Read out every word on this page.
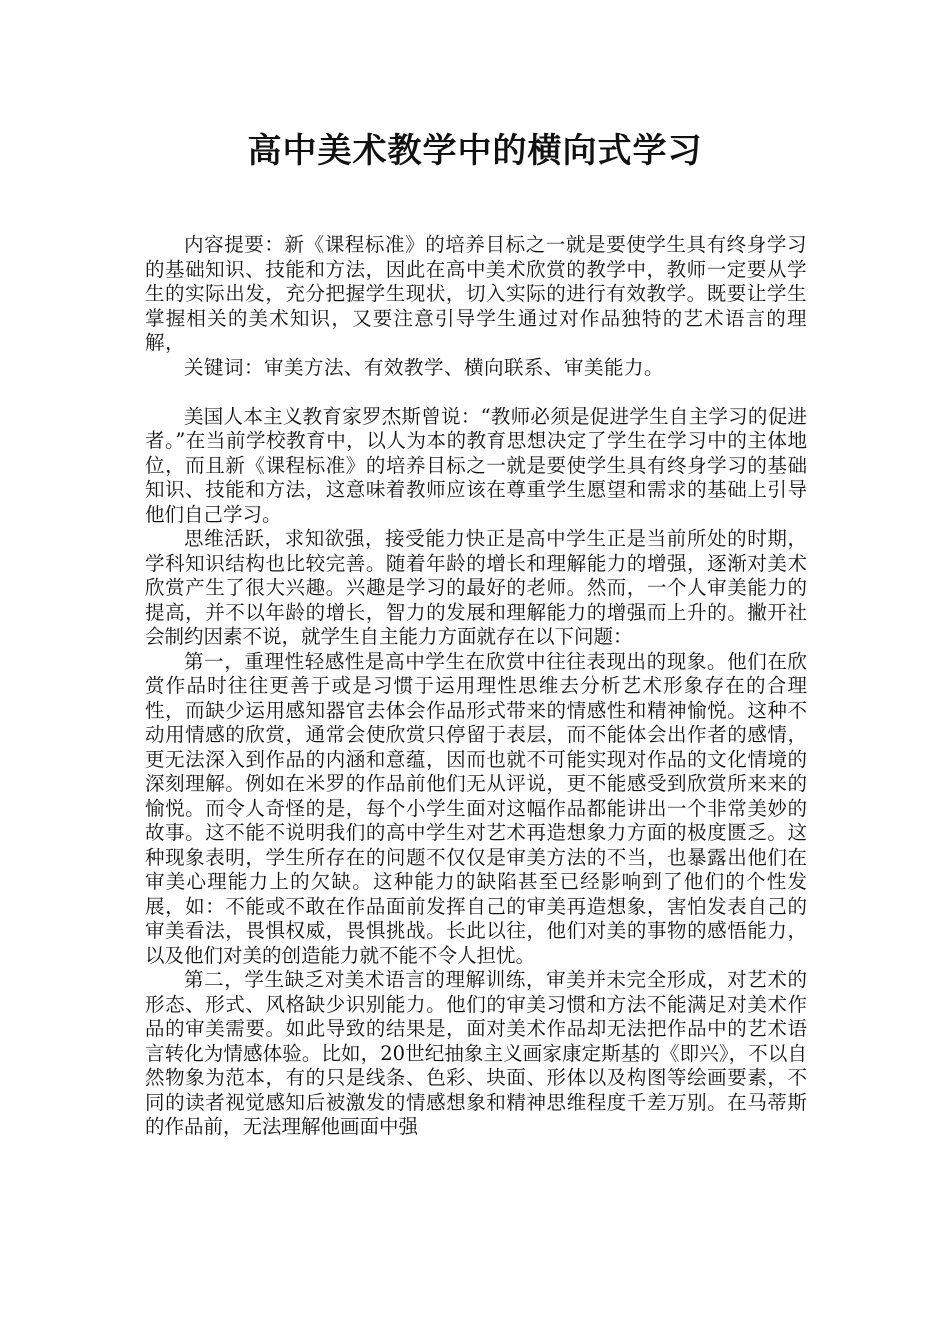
高中美术教学中的横向式学习

内容提要：新《课程标准》的培养目标之一就是要使学生具有终身学习的基础知识、技能和方法，因此在高中美术欣赏的教学中，教师一定要从学生的实际出发，充分把握学生现状，切入实际的进行有效教学。既要让学生掌握相关的美术知识，又要注意引导学生通过对作品独特的艺术语言的理解，

关键词：审美方法、有效教学、横向联系、审美能力。

美国人本主义教育家罗杰斯曾说：“教师必须是促进学生自主学习的促进者。”在当前学校教育中，以人为本的教育思想决定了学生在学习中的主体地位，而且新《课程标准》的培养目标之一就是要使学生具有终身学习的基础知识、技能和方法，这意味着教师应该在尊重学生愿望和需求的基础上引导他们自己学习。

思维活跃，求知欲强，接受能力快正是高中学生正是当前所处的时期，学科知识结构也比较完善。随着年龄的增长和理解能力的增强，逐渐对美术欣赏产生了很大兴趣。兴趣是学习的最好的老师。然而，一个人审美能力的提高，并不以年龄的增长，智力的发展和理解能力的增强而上升的。撇开社会制约因素不说，就学生自主能力方面就存在以下问题：

第一，重理性轻感性是高中学生在欣赏中往往表现出的现象。他们在欣赏作品时往往更善于或是习惯于运用理性思维去分析艺术形象存在的合理性，而缺少运用感知器官去体会作品形式带来的情感性和精神愉悦。这种不动用情感的欣赏，通常会使欣赏只停留于表层，而不能体会出作者的感情，更无法深入到作品的内涵和意蕴，因而也就不可能实现对作品的文化情境的深刻理解。例如在米罗的作品前他们无从评说，更不能感受到欣赏所来来的愉悦。而令人奇怪的是，每个小学生面对这幅作品都能讲出一个非常美妙的故事。这不能不说明我们的高中学生对艺术再造想象力方面的极度匮乏。这种现象表明，学生所存在的问题不仅仅是审美方法的不当，也暴露出他们在审美心理能力上的欠缺。这种能力的缺陷甚至已经影响到了他们的个性发展，如：不能或不敢在作品面前发挥自己的审美再造想象，害怕发表自己的审美看法，畏惧权威，畏惧挑战。长此以往，他们对美的事物的感悟能力，以及他们对美的创造能力就不能不令人担忧。

第二，学生缺乏对美术语言的理解训练，审美并未完全形成，对艺术的形态、形式、风格缺少识别能力。他们的审美习惯和方法不能满足对美术作品的审美需要。如此导致的结果是，面对美术作品却无法把作品中的艺术语言转化为情感体验。比如，20世纪抽象主义画家康定斯基的《即兴》，不以自然物象为范本，有的只是线条、色彩、块面、形体以及构图等绘画要素，不同的读者视觉感知后被激发的情感想象和精神思维程度千差万别。在马蒂斯的作品前，无法理解他画面中强
